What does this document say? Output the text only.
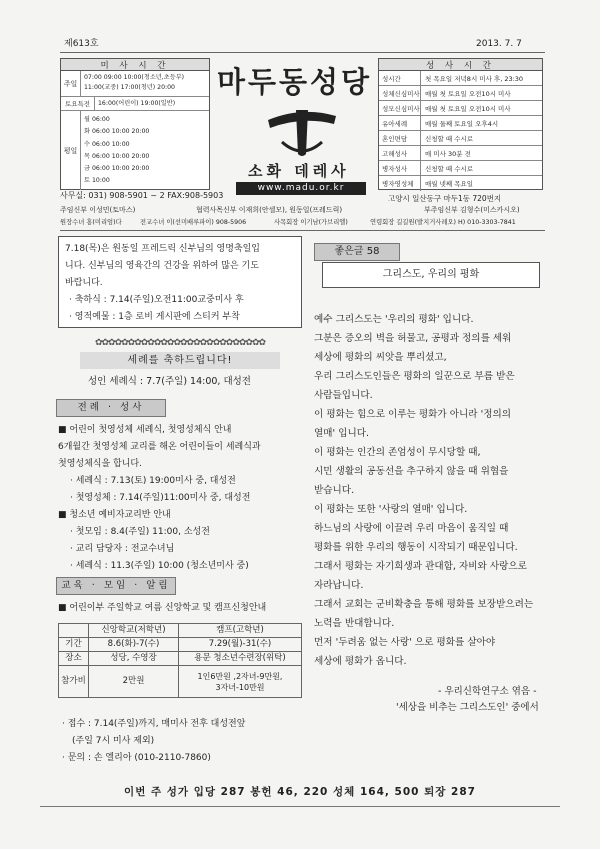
제613호	2013. 7. 7
미 사 시 간
주일
07:00 09:00 10:00(청소년,초등부)
11:00(교중) 17:00(청년) 20:00
토요특전	16:00(어린이) 19:00(일반)
평일
월 06:00
화 06:00 10:00 20:00
수 06:00 10:00
목 06:00 10:00 20:00
금 06:00 10:00 20:00
토 10:00
마두동성당
소화 데레사
www.madu.or.kr
성 사 시 간
성시간	첫 목요일 저녁8시 미사 후, 23:30
성체신심미사 매월 첫 토요일 오전10시 미사
성모신심미사 매월 첫 토요일 오전10시 미사
유아세례	매월 둘째 토요일 오후4시
혼인면담	신청할 때 수시로
고해성사	매 미사 30분 전
병자성사	신청할 때 수시로
병자영성체	매월 넷째 목요일
사무실: 031) 908-5901 ~ 2 FAX:908-5903	고양시 일산동구 마두1동 720번지
주임신부 이성민(토마스)	협력사목신부 이재희(안셀모), 원동일(프레드릭)	부주임신부 김형수(미스카시오)
원장수녀 홍(미리엄)다	전교수녀 이(선미배루파이) 908-5906	사목회장 이기남(가브리엘)	연령회장 길길원(발지거사레오) H) 010-3303-7841
7.18(목)은 원동일 프레드릭 신부님의 영명축일입
니다. 신부님의 영육간의 건강을 위하여 많은 기도
바랍니다.
· 축하식 : 7.14(주일)오전11:00교중미사 후
· 영적예물 : 1층 로비 게시판에 스티커 부착
✿✿✿✿✿✿✿✿✿✿✿✿✿✿✿✿✿✿✿✿✿✿✿✿✿✿
세례를 축하드립니다!
성인 세례식 : 7.7(주일) 14:00, 대성전
전례 · 성사
■ 어린이 첫영성체 세례식, 첫영성체식 안내
6개월간 첫영성체 교리를 해온 어린이들이 세례식과
첫영성체식을 합니다.
· 세례식 : 7.13(토) 19:00미사 중, 대성전
· 첫영성체 : 7.14(주일)11:00미사 중, 대성전
■ 청소년 예비자교리반 안내
· 첫모임 : 8.4(주일) 11:00, 소성전
· 교리 담당자 : 전교수녀님
· 세례식 : 11.3(주일) 10:00 (청소년미사 중)
교육 · 모임 · 알림
■ 어린이부 주일학교 여름 신앙학교 및 캠프신청안내
	신앙학교(저학년)	캠프(고학년)
기간	8.6(화)-7(수)	7.29(월)-31(수)
장소	성당, 수영장	용문 청소년수련장(위탁)
참가비	2만원	1인6만원 ,2자녀-9만원,
3자녀-10만원
· 접수 : 7.14(주일)까지, 매미사 전후 대성전앞
(주일 7시 미사 제외)
· 문의 : 손 엘리아 (010-2110-7860)
좋은글 58
그리스도, 우리의 평화
예수 그리스도는 '우리의 평화' 입니다.
그분은 증오의 벽을 허물고, 공평과 정의를 세워
세상에 평화의 씨앗을 뿌리셨고,
우리 그리스도인들은 평화의 일꾼으로 부름 받은
사람들입니다.
이 평화는 힘으로 이루는 평화가 아니라 '정의의
열매' 입니다.
이 평화는 인간의 존엄성이 무시당할 때,
시민 생활의 공동선을 추구하지 않을 때 위협을
받습니다.
이 평화는 또한 '사랑의 열매' 입니다.
하느님의 사랑에 이끌려 우리 마음이 움직일 때
평화를 위한 우리의 행동이 시작되기 때문입니다.
그래서 평화는 자기희생과 관대함, 자비와 사랑으로
자라납니다.
그래서 교회는 군비확충을 통해 평화를 보장받으려는
노력을 반대합니다.
먼저 '두려움 없는 사랑' 으로 평화를 살아야
세상에 평화가 옵니다.
- 우리신학연구소 엮음 -
'세상을 비추는 그리스도인' 중에서
이번 주 성가 입당 287 봉헌 46, 220 성체 164, 500 퇴장 287
